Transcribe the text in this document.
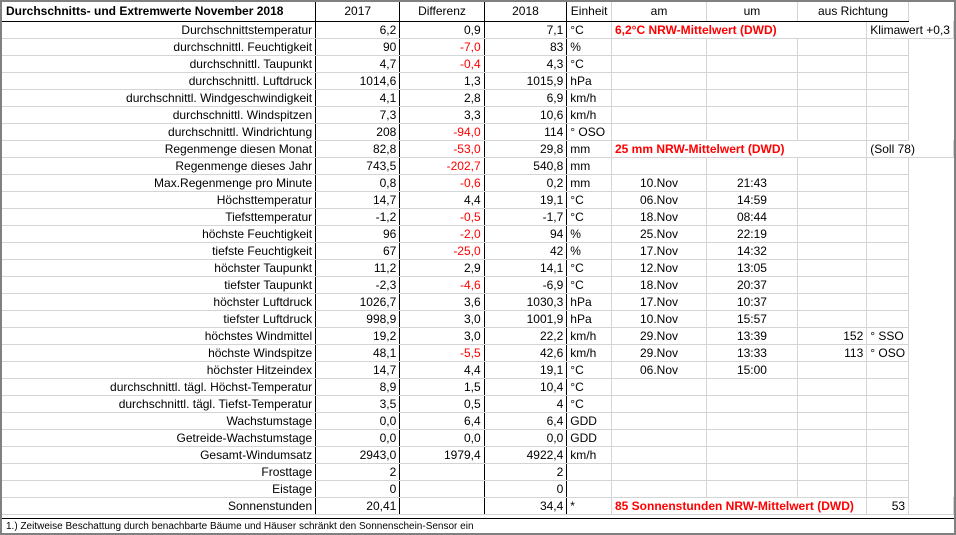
Durchschnitts- und Extremwerte November 2018	2017	Differenz	2018	Einheit	am	um	aus Richtung		
Durchschnittstemperatur	6,2	0,9	7,1	°C	6,2°C NRW-Mittelwert (DWD)			Klimawert +0,3	
durchschnittl. Feuchtigkeit	90	-7,0	83	%					
durchschnittl. Taupunkt	4,7	-0,4	4,3	°C					
durchschnittl. Luftdruck	1014,6	1,3	1015,9	hPa					
durchschnittl. Windgeschwindigkeit	4,1	2,8	6,9	km/h					
durchschnittl. Windspitzen	7,3	3,3	10,6	km/h					
durchschnittl. Windrichtung	208	-94,0	114	° OSO					
Regenmenge diesen Monat	82,8	-53,0	29,8	mm	25 mm NRW-Mittelwert (DWD)			(Soll 78)	
Regenmenge dieses Jahr	743,5	-202,7	540,8	mm					
Max.Regenmenge pro Minute	0,8	-0,6	0,2	mm	10.Nov	21:43			
Höchsttemperatur	14,7	4,4	19,1	°C	06.Nov	14:59			
Tiefsttemperatur	-1,2	-0,5	-1,7	°C	18.Nov	08:44			
höchste Feuchtigkeit	96	-2,0	94	%	25.Nov	22:19			
tiefste Feuchtigkeit	67	-25,0	42	%	17.Nov	14:32			
höchster Taupunkt	11,2	2,9	14,1	°C	12.Nov	13:05			
tiefster Taupunkt	-2,3	-4,6	-6,9	°C	18.Nov	20:37			
höchster Luftdruck	1026,7	3,6	1030,3	hPa	17.Nov	10:37			
tiefster Luftdruck	998,9	3,0	1001,9	hPa	10.Nov	15:57			
höchstes Windmittel	19,2	3,0	22,2	km/h	29.Nov	13:39	152	° SSO	
höchste Windspitze	48,1	-5,5	42,6	km/h	29.Nov	13:33	113	° OSO	
höchster Hitzeindex	14,7	4,4	19,1	°C	06.Nov	15:00			
durchschnittl. tägl. Höchst-Temperatur	8,9	1,5	10,4	°C					
durchschnittl. tägl. Tiefst-Temperatur	3,5	0,5	4	°C					
Wachstumstage	0,0	6,4	6,4	GDD					
Getreide-Wachstumstage	0,0	0,0	0,0	GDD					
Gesamt-Windumsatz	2943,0	1979,4	4922,4	km/h					
Frosttage	2		2						
Eistage	0		0						
Sonnenstunden	20,41		34,4	*	85 Sonnenstunden NRW-Mittelwert (DWD)			53	
1.) Zeitweise Beschattung durch benachbarte Bäume und Häuser schränkt den Sonnenschein-Sensor ein
